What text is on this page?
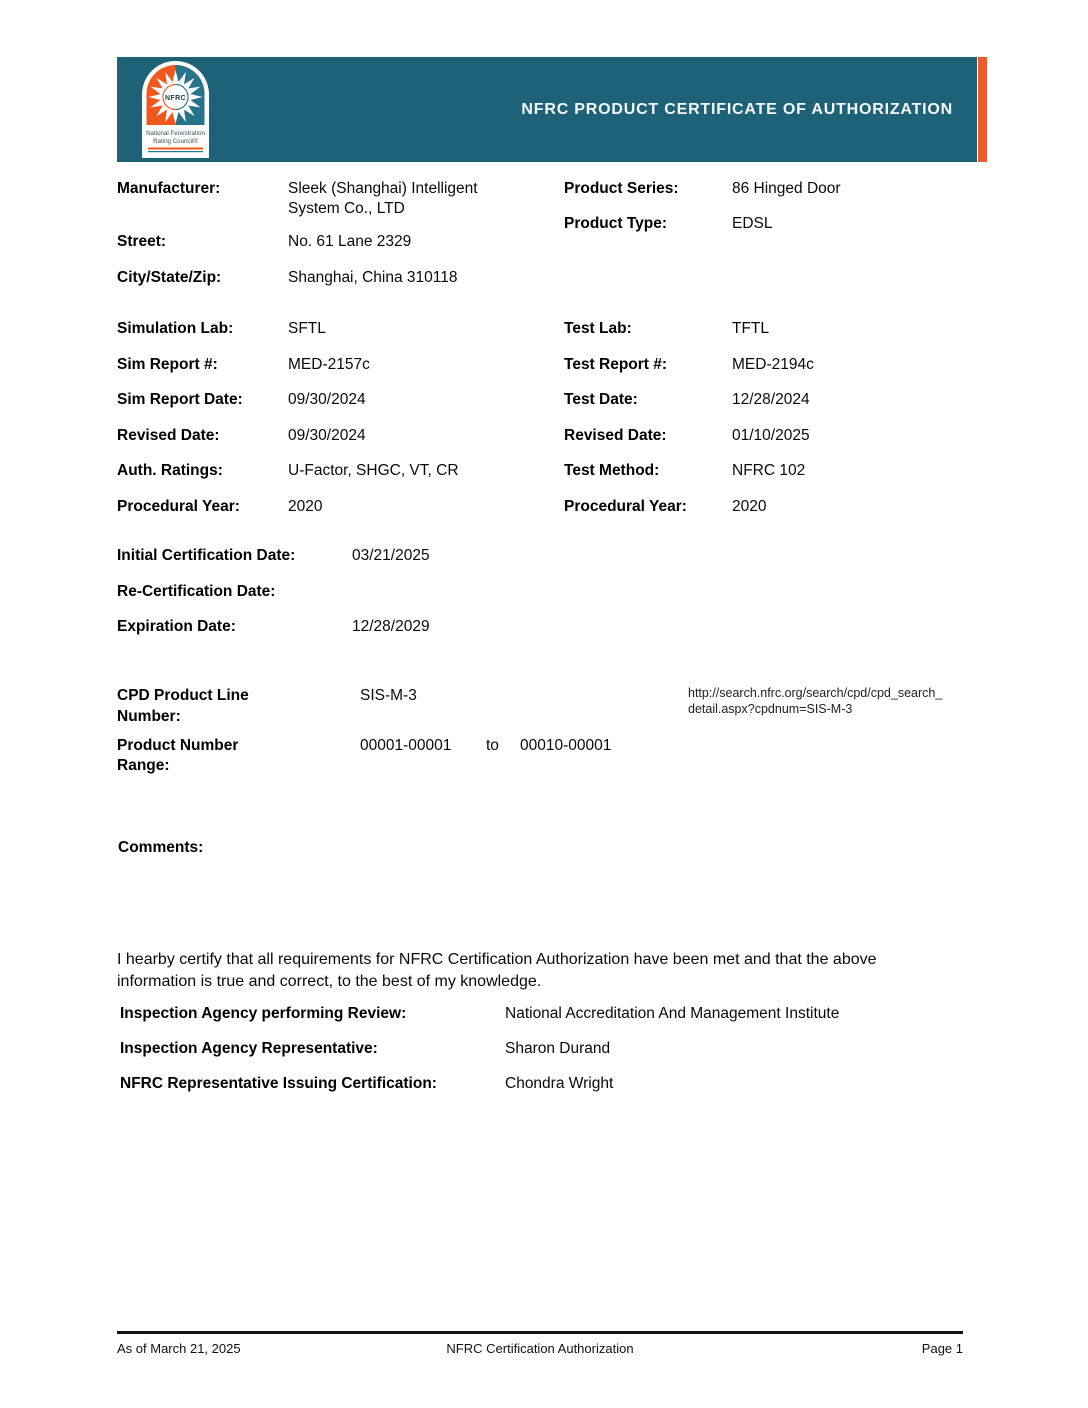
NFRC
National Fenestration
Rating Council®
NFRC PRODUCT CERTIFICATE OF AUTHORIZATION
Manufacturer:	Sleek (Shanghai) Intelligent System Co., LTD
Street:	No. 61 Lane 2329
City/State/Zip:	Shanghai, China 310118
Product Series:	86 Hinged Door
Product Type:	EDSL
Simulation Lab:	SFTL
Sim Report #:	MED-2157c
Sim Report Date:	09/30/2024
Revised Date:	09/30/2024
Auth. Ratings:	U-Factor, SHGC, VT, CR
Procedural Year:	2020
Test Lab:	TFTL
Test Report #:	MED-2194c
Test Date:	12/28/2024
Revised Date:	01/10/2025
Test Method:	NFRC 102
Procedural Year:	2020
Initial Certification Date:	03/21/2025
Re-Certification Date:
Expiration Date:	12/28/2029
CPD Product Line Number:
SIS-M-3
Product Number Range:
00001-00001 to 00010-00001
http://search.nfrc.org/search/cpd/cpd_search_
detail.aspx?cpdnum=SIS-M-3
Comments:

I hearby certify that all requirements for NFRC Certification Authorization have been met and that the above information is true and correct, to the best of my knowledge.

Inspection Agency performing Review:	National Accreditation And Management Institute
Inspection Agency Representative:	Sharon Durand
NFRC Representative Issuing Certification:	Chondra Wright
As of March 21, 2025	NFRC Certification Authorization	Page 1
